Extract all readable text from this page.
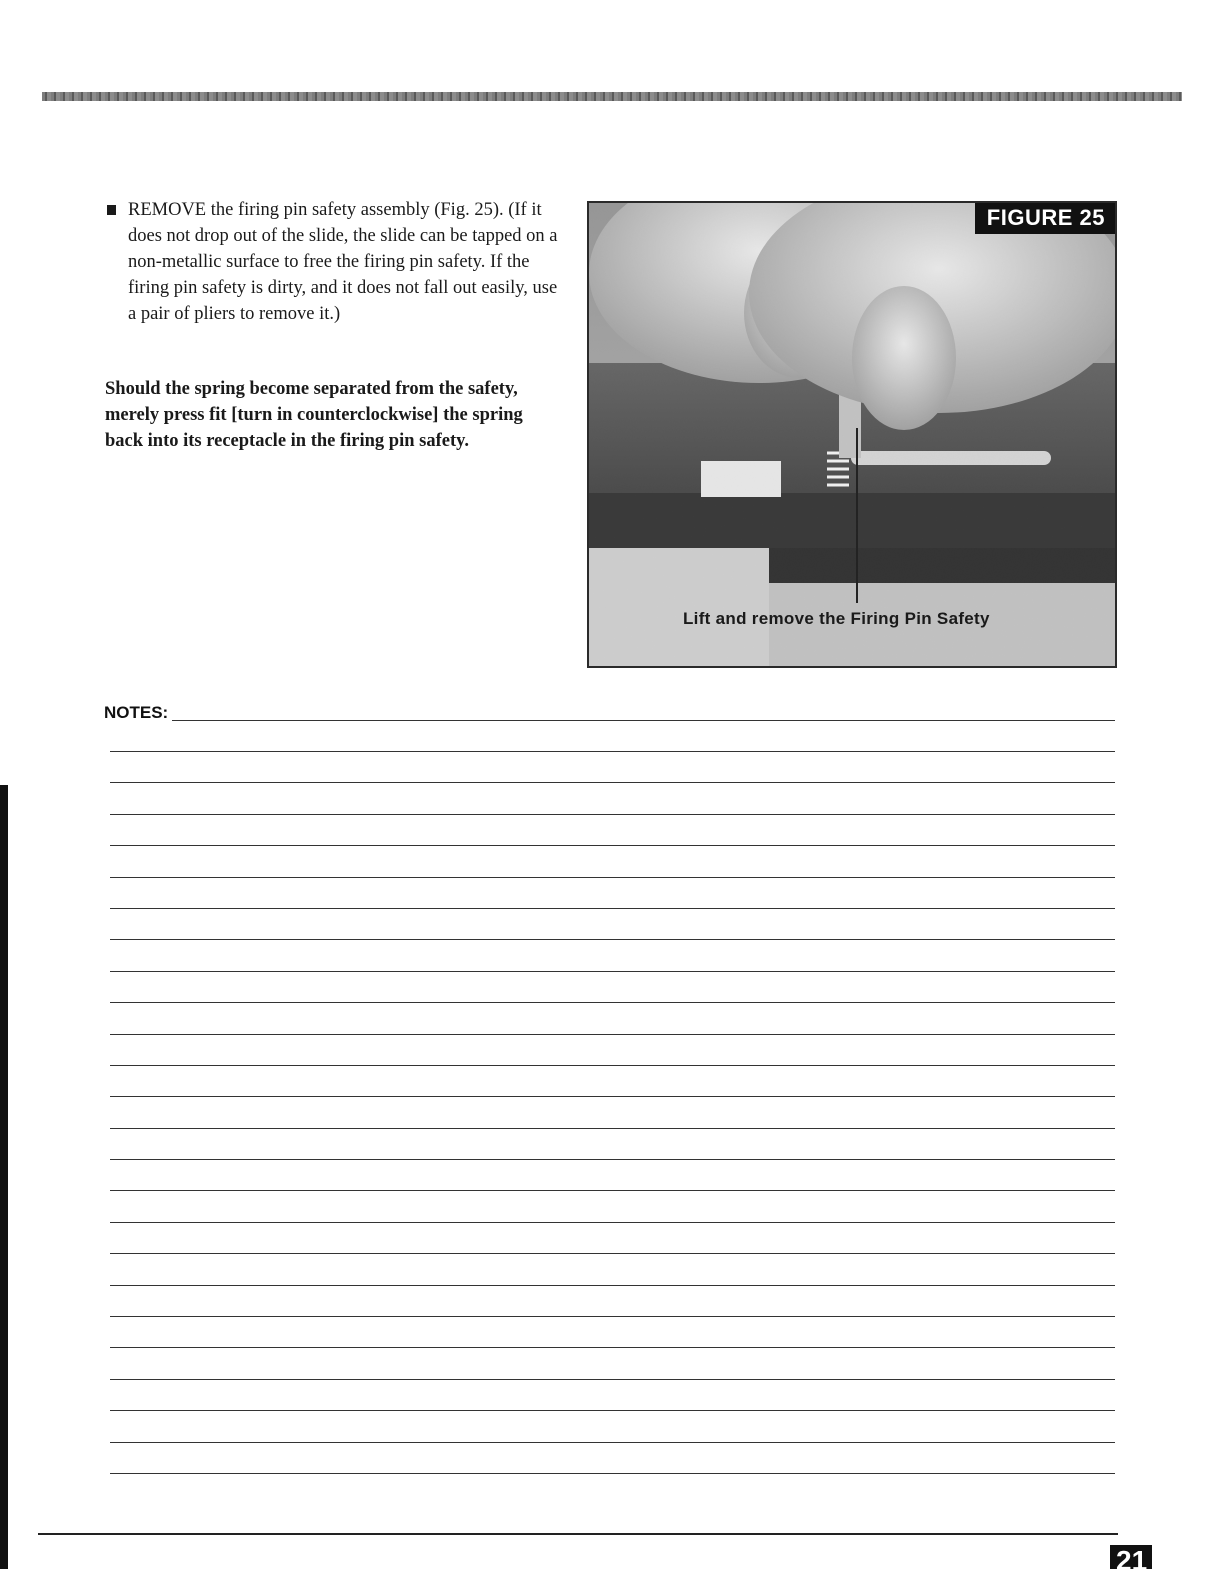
REMOVE the firing pin safety assembly (Fig. 25). (If it does not drop out of the slide, the slide can be tapped on a non-metallic surface to free the firing pin safety. If the firing pin safety is dirty, and it does not fall out easily, use a pair of pliers to remove it.)
Should the spring become separated from the safety, merely press fit [turn in counterclockwise] the spring back into its receptacle in the firing pin safety.
FIGURE 25
Lift and remove the Firing Pin Safety
NOTES:
21
